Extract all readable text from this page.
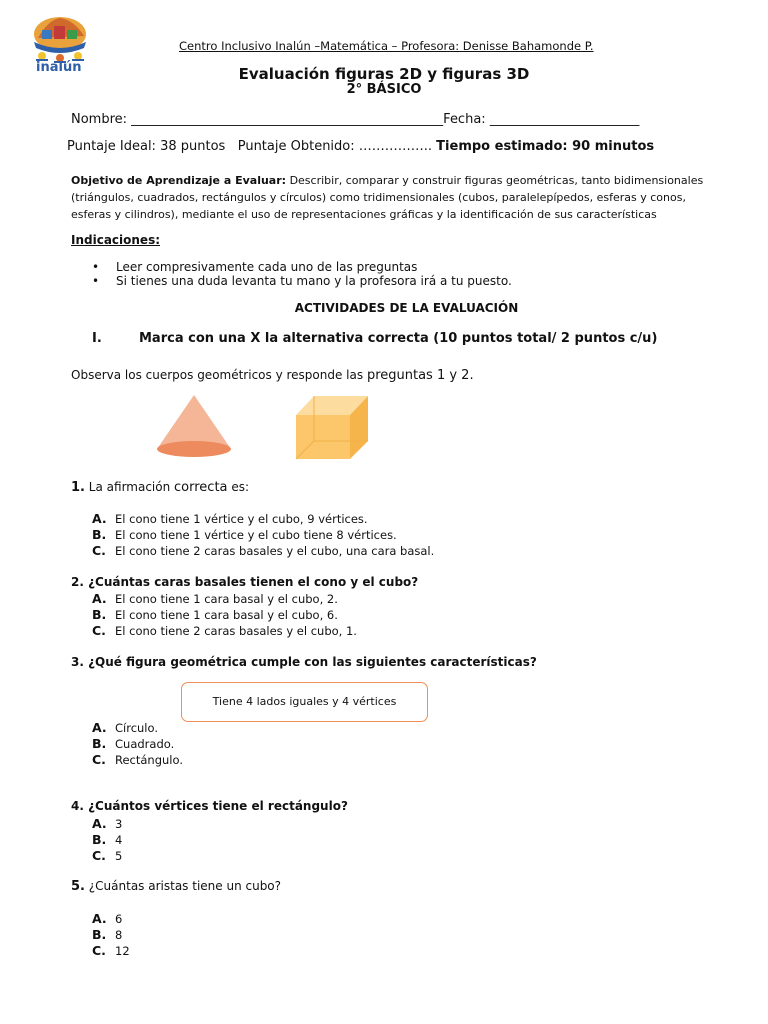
inalún
Centro Inclusivo Inalún –Matemática – Profesora: Denisse Bahamonde P.
Evaluación figuras 2D y figuras 3D
2° BÁSICO
Nombre: ________________________________________________Fecha: _______________________
Puntaje Ideal: 38 puntos Puntaje Obtenido: …………….. Tiempo estimado: 90 minutos
Objetivo de Aprendizaje a Evaluar: Describir, comparar y construir figuras geométricas, tanto bidimensionales
(triángulos, cuadrados, rectángulos y círculos) como tridimensionales (cubos, paralelepípedos, esferas y conos,
esferas y cilindros), mediante el uso de representaciones gráficas y la identificación de sus características
Indicaciones:
• Leer compresivamente cada uno de las preguntas
• Si tienes una duda levanta tu mano y la profesora irá a tu puesto.
ACTIVIDADES DE LA EVALUACIÓN
I.	Marca con una X la alternativa correcta (10 puntos total/ 2 puntos c/u)
Observa los cuerpos geométricos y responde las preguntas 1 y 2.
1. La afirmación correcta es:
A. El cono tiene 1 vértice y el cubo, 9 vértices.
B. El cono tiene 1 vértice y el cubo tiene 8 vértices.
C. El cono tiene 2 caras basales y el cubo, una cara basal.
2. ¿Cuántas caras basales tienen el cono y el cubo?
A. El cono tiene 1 cara basal y el cubo, 2.
B. El cono tiene 1 cara basal y el cubo, 6.
C. El cono tiene 2 caras basales y el cubo, 1.
3. ¿Qué figura geométrica cumple con las siguientes características?
Tiene 4 lados iguales y 4 vértices
A. Círculo.
B. Cuadrado.
C. Rectángulo.
4. ¿Cuántos vértices tiene el rectángulo?
A. 3
B. 4
C. 5
5. ¿Cuántas aristas tiene un cubo?
A. 6
B. 8
C. 12
